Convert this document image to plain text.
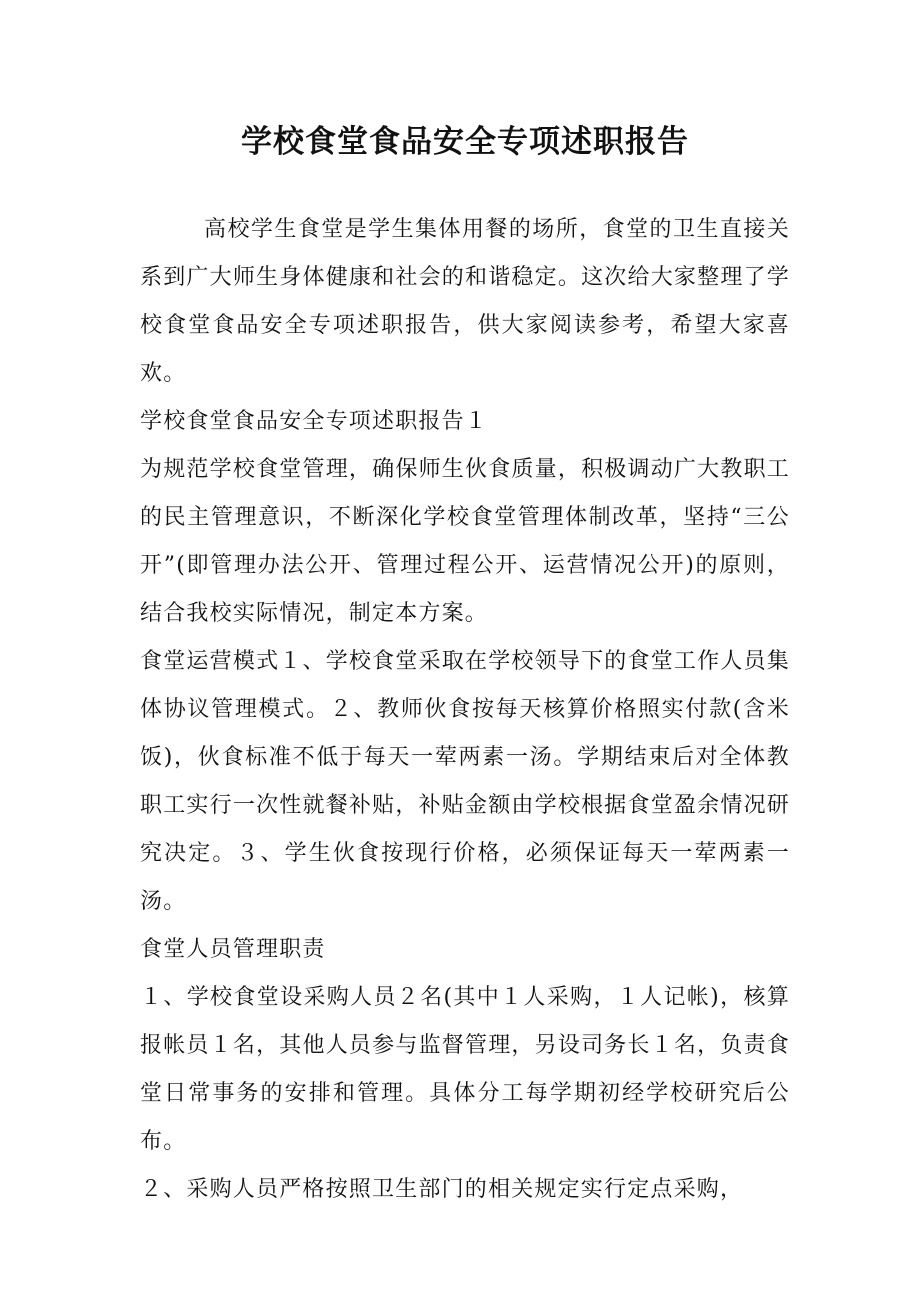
学校食堂食品安全专项述职报告

高校学生食堂是学生集体用餐的场所，食堂的卫生直接关系到广大师生身体健康和社会的和谐稳定。这次给大家整理了学校食堂食品安全专项述职报告，供大家阅读参考，希望大家喜欢。

学校食堂食品安全专项述职报告１

为规范学校食堂管理，确保师生伙食质量，积极调动广大教职工的民主管理意识，不断深化学校食堂管理体制改革，坚持“三公开”(即管理办法公开、管理过程公开、运营情况公开)的原则，结合我校实际情况，制定本方案。

食堂运营模式１、学校食堂采取在学校领导下的食堂工作人员集体协议管理模式。２、教师伙食按每天核算价格照实付款(含米饭)，伙食标准不低于每天一荤两素一汤。学期结束后对全体教职工实行一次性就餐补贴，补贴金额由学校根据食堂盈余情况研究决定。３、学生伙食按现行价格，必须保证每天一荤两素一汤。

食堂人员管理职责

１、学校食堂设采购人员２名(其中１人采购，１人记帐)，核算报帐员１名，其他人员参与监督管理，另设司务长１名，负责食堂日常事务的安排和管理。具体分工每学期初经学校研究后公布。

２、采购人员严格按照卫生部门的相关规定实行定点采购，
